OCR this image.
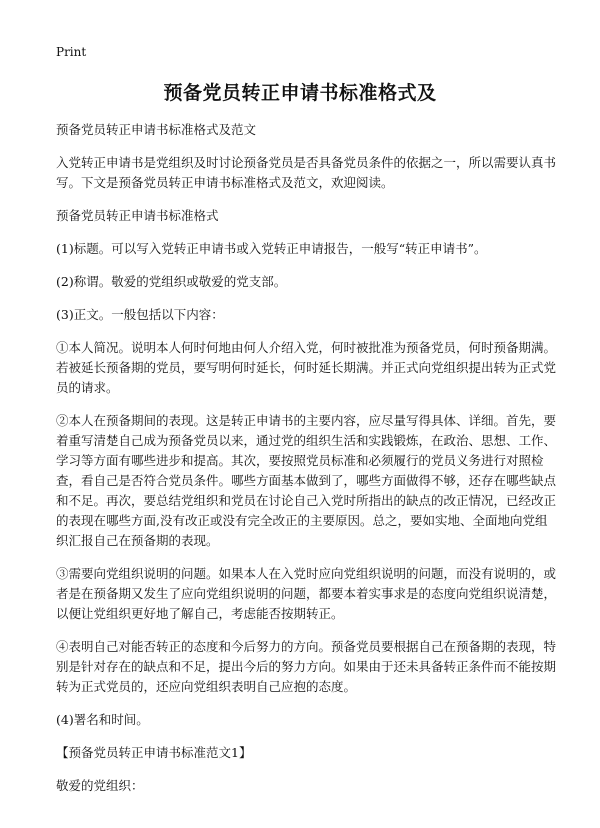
Print
预备党员转正申请书标准格式及

预备党员转正申请书标准格式及范文

入党转正申请书是党组织及时讨论预备党员是否具备党员条件的依据之一，所以需要认真书写。下文是预备党员转正申请书标准格式及范文，欢迎阅读。

预备党员转正申请书标准格式

(1)标题。可以写入党转正申请书或入党转正申请报告，一般写“转正申请书”。

(2)称谓。敬爱的党组织或敬爱的党支部。

(3)正文。一般包括以下内容：

①本人简况。说明本人何时何地由何人介绍入党，何时被批准为预备党员，何时预备期满。若被延长预备期的党员，要写明何时延长，何时延长期满。并正式向党组织提出转为正式党员的请求。

②本人在预备期间的表现。这是转正申请书的主要内容，应尽量写得具体、详细。首先，要着重写清楚自己成为预备党员以来，通过党的组织生活和实践锻炼，在政治、思想、工作、学习等方面有哪些进步和提高。其次，要按照党员标准和必须履行的党员义务进行对照检查，看自己是否符合党员条件。哪些方面基本做到了，哪些方面做得不够，还存在哪些缺点和不足。再次，要总结党组织和党员在讨论自己入党时所指出的缺点的改正情况，已经改正的表现在哪些方面,没有改正或没有完全改正的主要原因。总之，要如实地、全面地向党组织汇报自己在预备期的表现。

③需要向党组织说明的问题。如果本人在入党时应向党组织说明的问题，而没有说明的，或者是在预备期又发生了应向党组织说明的问题，都要本着实事求是的态度向党组织说清楚，以便让党组织更好地了解自己，考虑能否按期转正。

④表明自己对能否转正的态度和今后努力的方向。预备党员要根据自己在预备期的表现，特别是针对存在的缺点和不足，提出今后的努力方向。如果由于还未具备转正条件而不能按期转为正式党员的，还应向党组织表明自己应抱的态度。

(4)署名和时间。

【预备党员转正申请书标准范文1】

敬爱的党组织：
